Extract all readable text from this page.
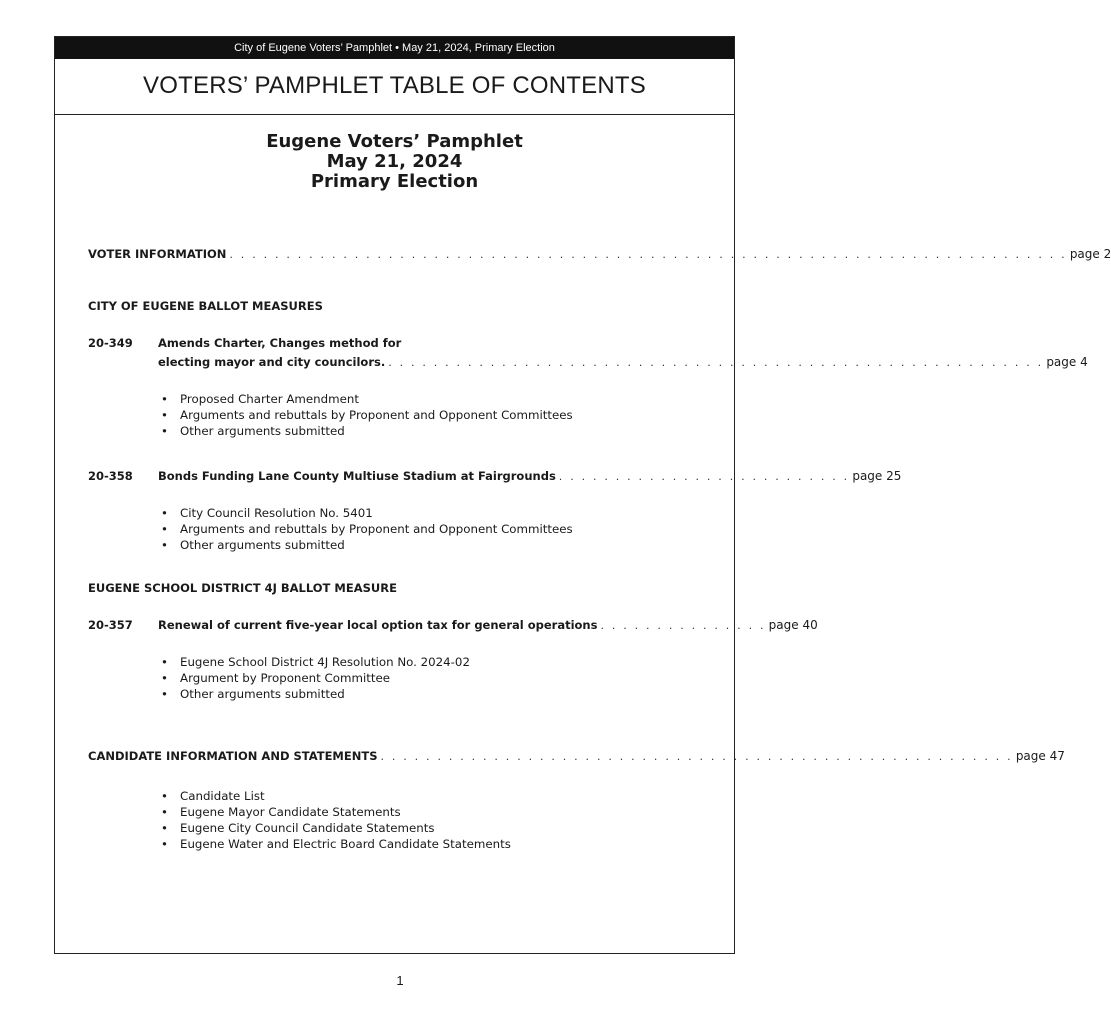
City of Eugene Voters’ Pamphlet • May 21, 2024, Primary Election
VOTERS’ PAMPHLET TABLE OF CONTENTS
Eugene Voters’ Pamphlet
May 21, 2024
Primary Election
VOTER INFORMATION . . . . . . . . . . . . . . . . . . . . . . . . . . . . . . . . . . . . . . . . . . . . . . . . . . . . . . . . . . . . . . . . . . . . . . . . . . page 2
CITY OF EUGENE BALLOT MEASURES
20-349	Amends Charter, Changes method for
electing mayor and city councilors. . . . . . . . . . . . . . . . . . . . . . . . . . . . . . . . . . . . . . . . . . . . . . . . . . . . . . . . . . . page 4
• Proposed Charter Amendment
• Arguments and rebuttals by Proponent and Opponent Committees
• Other arguments submitted
20-358	Bonds Funding Lane County Multiuse Stadium at Fairgrounds . . . . . . . . . . . . . . . . . . . . . . . . . . page 25
• City Council Resolution No. 5401
• Arguments and rebuttals by Proponent and Opponent Committees
• Other arguments submitted
EUGENE SCHOOL DISTRICT 4J BALLOT MEASURE
20-357	Renewal of current five-year local option tax for general operations . . . . . . . . . . . . . . . page 40
• Eugene School District 4J Resolution No. 2024-02
• Argument by Proponent Committee
• Other arguments submitted
CANDIDATE INFORMATION AND STATEMENTS . . . . . . . . . . . . . . . . . . . . . . . . . . . . . . . . . . . . . . . . . . . . . . . . . . . . . . . . page 47
• Candidate List
• Eugene Mayor Candidate Statements
• Eugene City Council Candidate Statements
• Eugene Water and Electric Board Candidate Statements
1
